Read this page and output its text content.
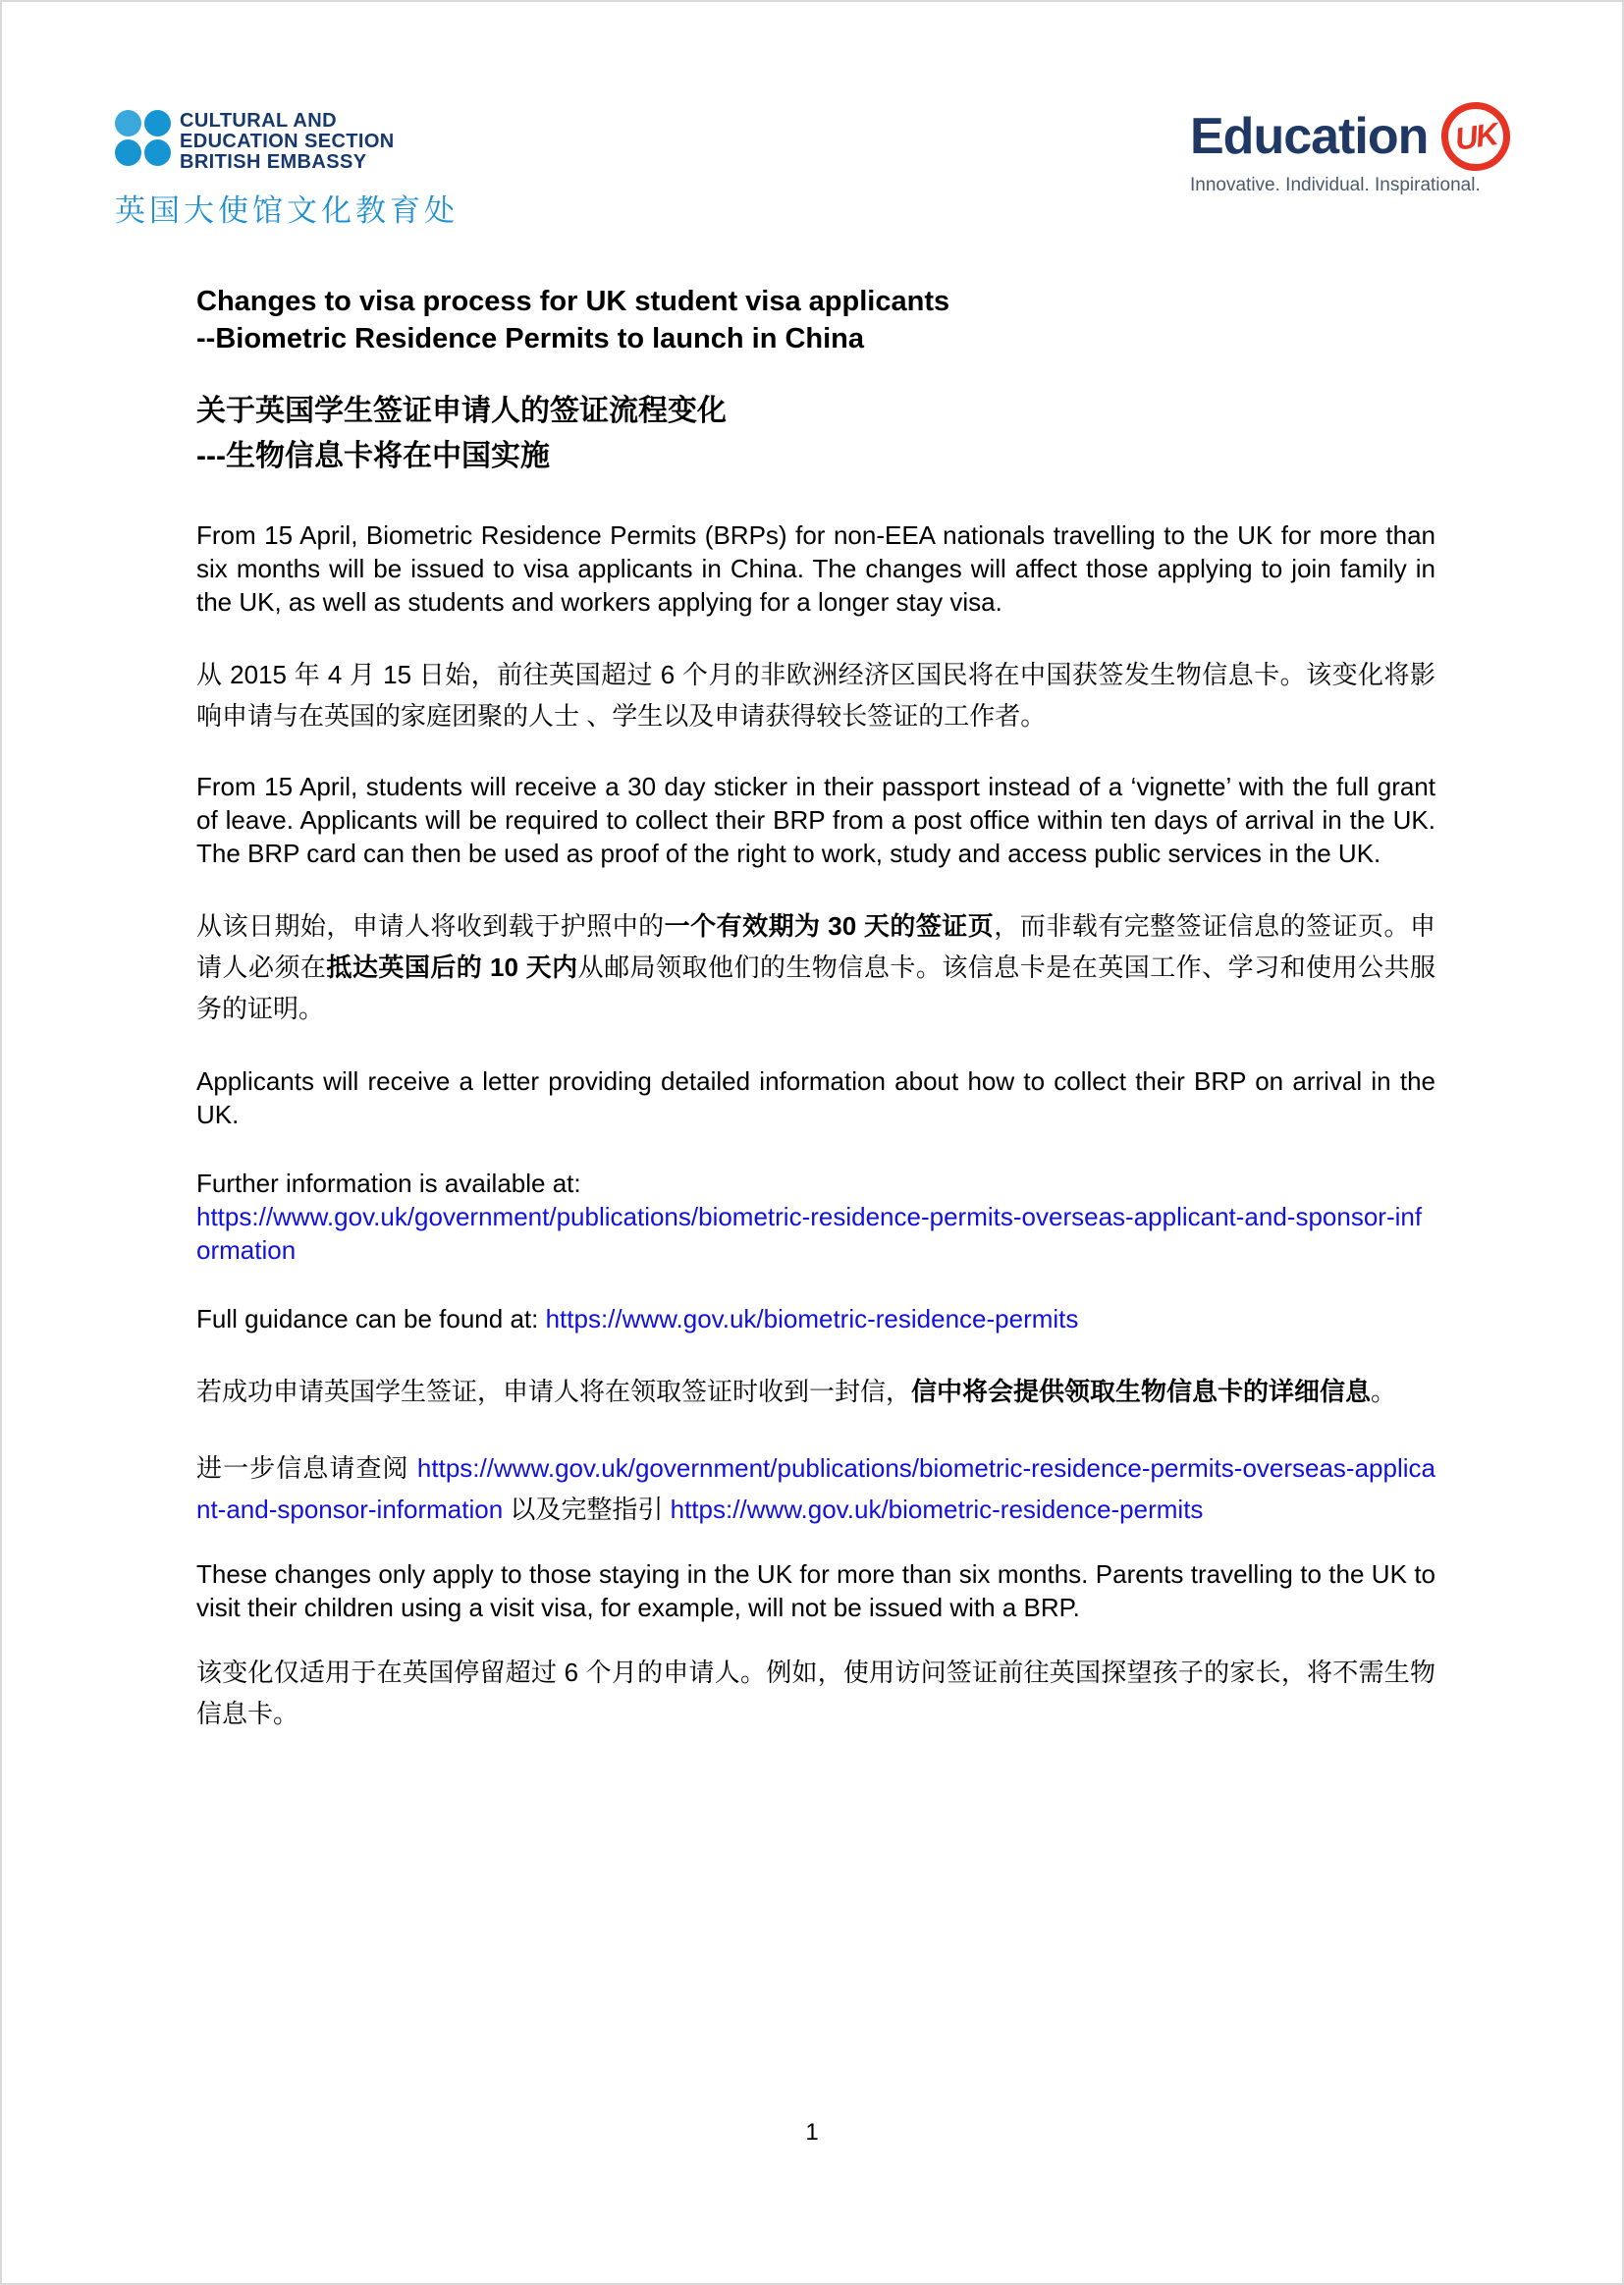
CULTURAL AND
EDUCATION SECTION
BRITISH EMBASSY
英国大使馆文化教育处
Education UK
Innovative. Individual. Inspirational.
Changes to visa process for UK student visa applicants
--Biometric Residence Permits to launch in China
关于英国学生签证申请人的签证流程变化
---生物信息卡将在中国实施

From 15 April, Biometric Residence Permits (BRPs) for non-EEA nationals travelling to the UK for more than six months will be issued to visa applicants in China. The changes will affect those applying to join family in the UK, as well as students and workers applying for a longer stay visa.

从 2015 年 4 月 15 日始，前往英国超过 6 个月的非欧洲经济区国民将在中国获签发生物信息卡。该变化将影响申请与在英国的家庭团聚的人士 、学生以及申请获得较长签证的工作者。

From 15 April, students will receive a 30 day sticker in their passport instead of a ‘vignette’ with the full grant of leave. Applicants will be required to collect their BRP from a post office within ten days of arrival in the UK. The BRP card can then be used as proof of the right to work, study and access public services in the UK.

从该日期始，申请人将收到载于护照中的一个有效期为 30 天的签证页，而非载有完整签证信息的签证页。申请人必须在抵达英国后的 10 天内从邮局领取他们的生物信息卡。该信息卡是在英国工作、学习和使用公共服务的证明。

Applicants will receive a letter providing detailed information about how to collect their BRP on arrival in the UK.

Further information is available at:
https://www.gov.uk/government/publications/biometric-residence-permits-overseas-applicant-and-sponsor-information

Full guidance can be found at: https://www.gov.uk/biometric-residence-permits

若成功申请英国学生签证，申请人将在领取签证时收到一封信，信中将会提供领取生物信息卡的详细信息。

进一步信息请查阅 https://www.gov.uk/government/publications/biometric-residence-permits-overseas-applicant-and-sponsor-information 以及完整指引 https://www.gov.uk/biometric-residence-permits

These changes only apply to those staying in the UK for more than six months. Parents travelling to the UK to visit their children using a visit visa, for example, will not be issued with a BRP.

该变化仅适用于在英国停留超过 6 个月的申请人。例如，使用访问签证前往英国探望孩子的家长，将不需生物信息卡。

1
